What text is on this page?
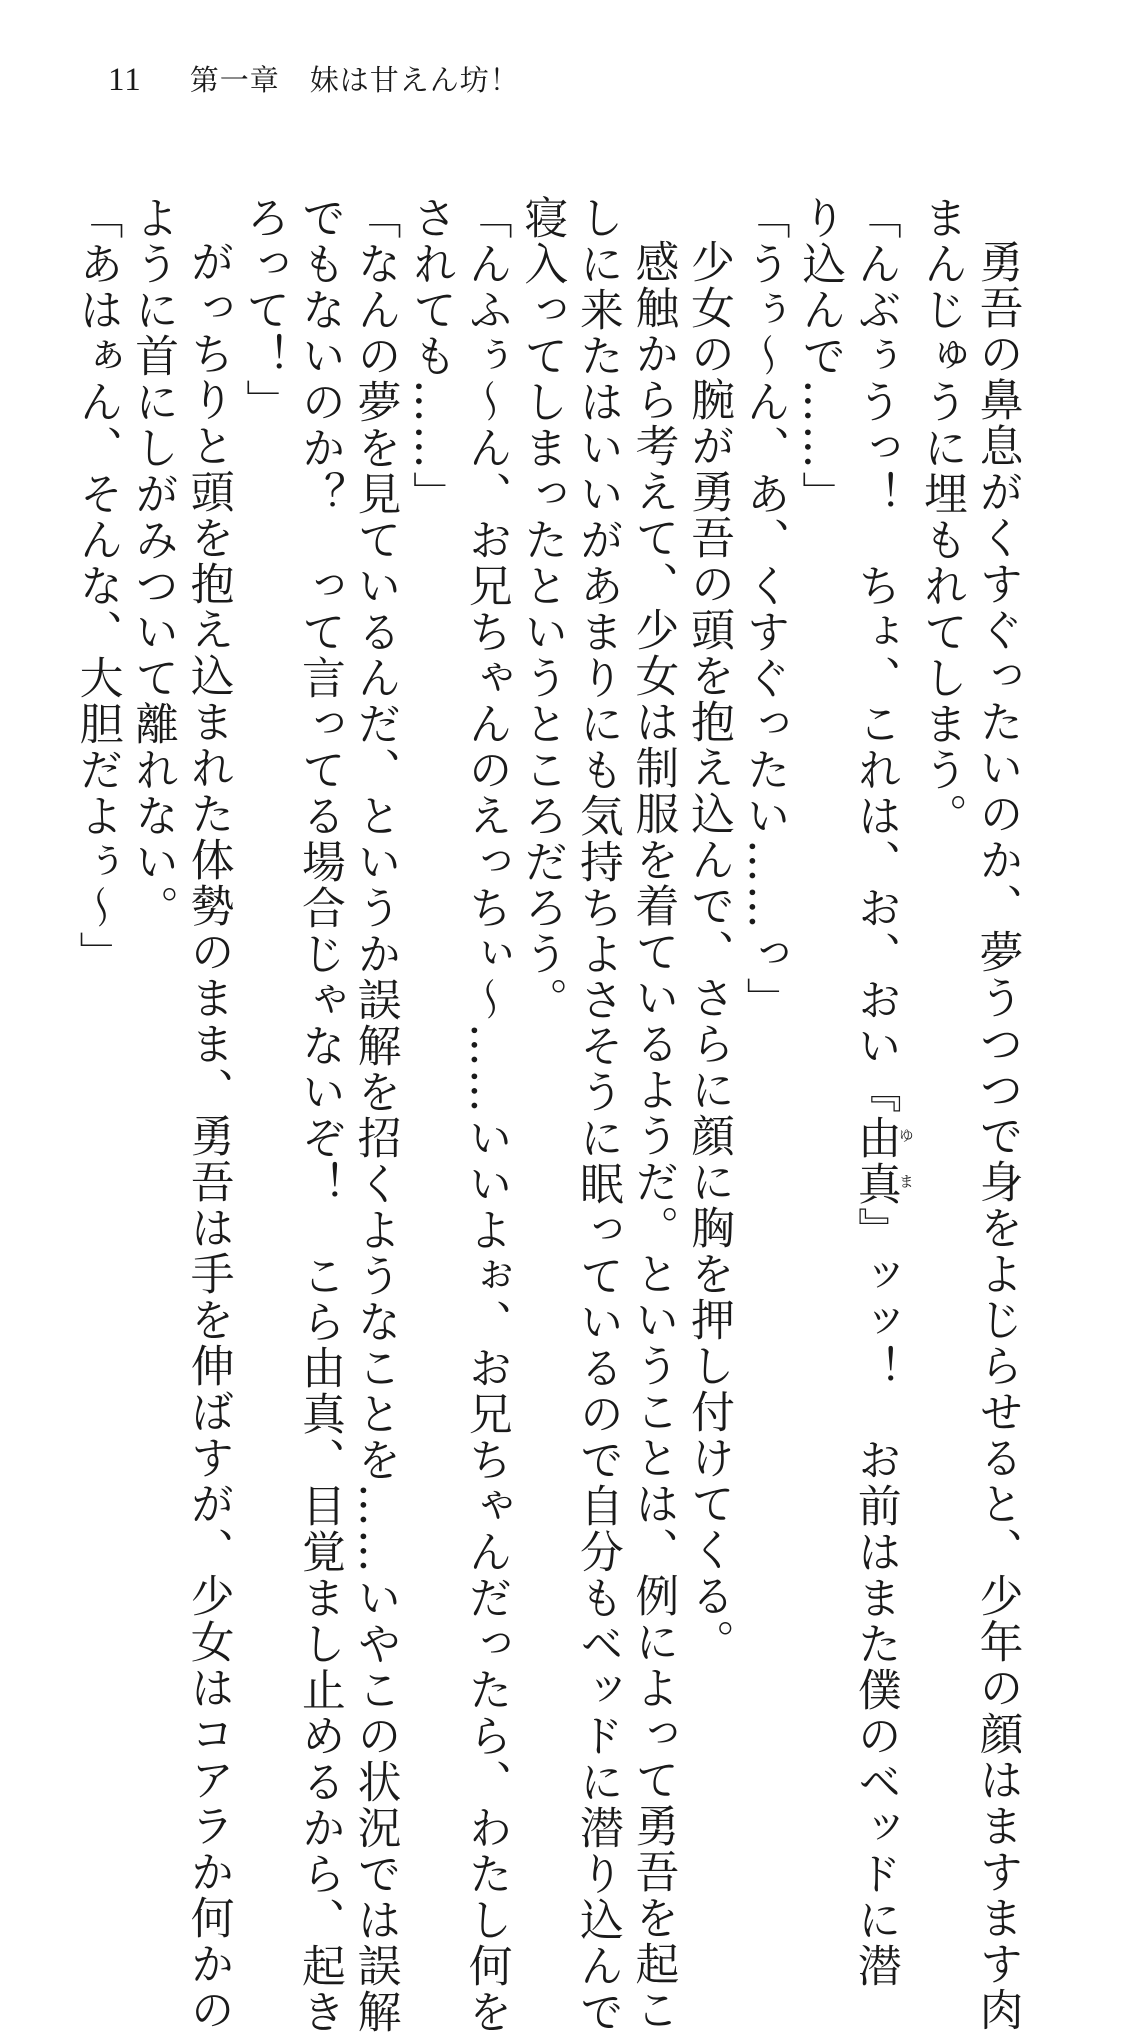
11 第一章　妹は甘えん坊！
勇吾の鼻息がくすぐったいのか、夢うつつで身をよじらせると、少年の顔はますます肉
まんじゅうに埋もれてしまう。
「んぶぅうっ！　ちょ、これは、お、おい『由真ゆま』ッッ！　お前はまた僕のベッドに潜
り込んで……」
「うぅ～ん、あ、くすぐったい……っ」
少女の腕が勇吾の頭を抱え込んで、さらに顔に胸を押し付けてくる。
感触から考えて、少女は制服を着ているようだ。ということは、例によって勇吾を起こ
しに来たはいいがあまりにも気持ちよさそうに眠っているので自分もベッドに潜り込んで
寝入ってしまったというところだろう。
「んふぅ～ん、お兄ちゃんのえっちぃ～……いいよぉ、お兄ちゃんだったら、わたし何を
されても……」
「なんの夢を見ているんだ、というか誤解を招くようなことを……いやこの状況では誤解
でもないのか？　って言ってる場合じゃないぞ！　こら由真、目覚まし止めるから、起き
ろって！」
がっちりと頭を抱え込まれた体勢のまま、勇吾は手を伸ばすが、少女はコアラか何かの
ように首にしがみついて離れない。
「あはぁん、そんな、大胆だよぅ～」
